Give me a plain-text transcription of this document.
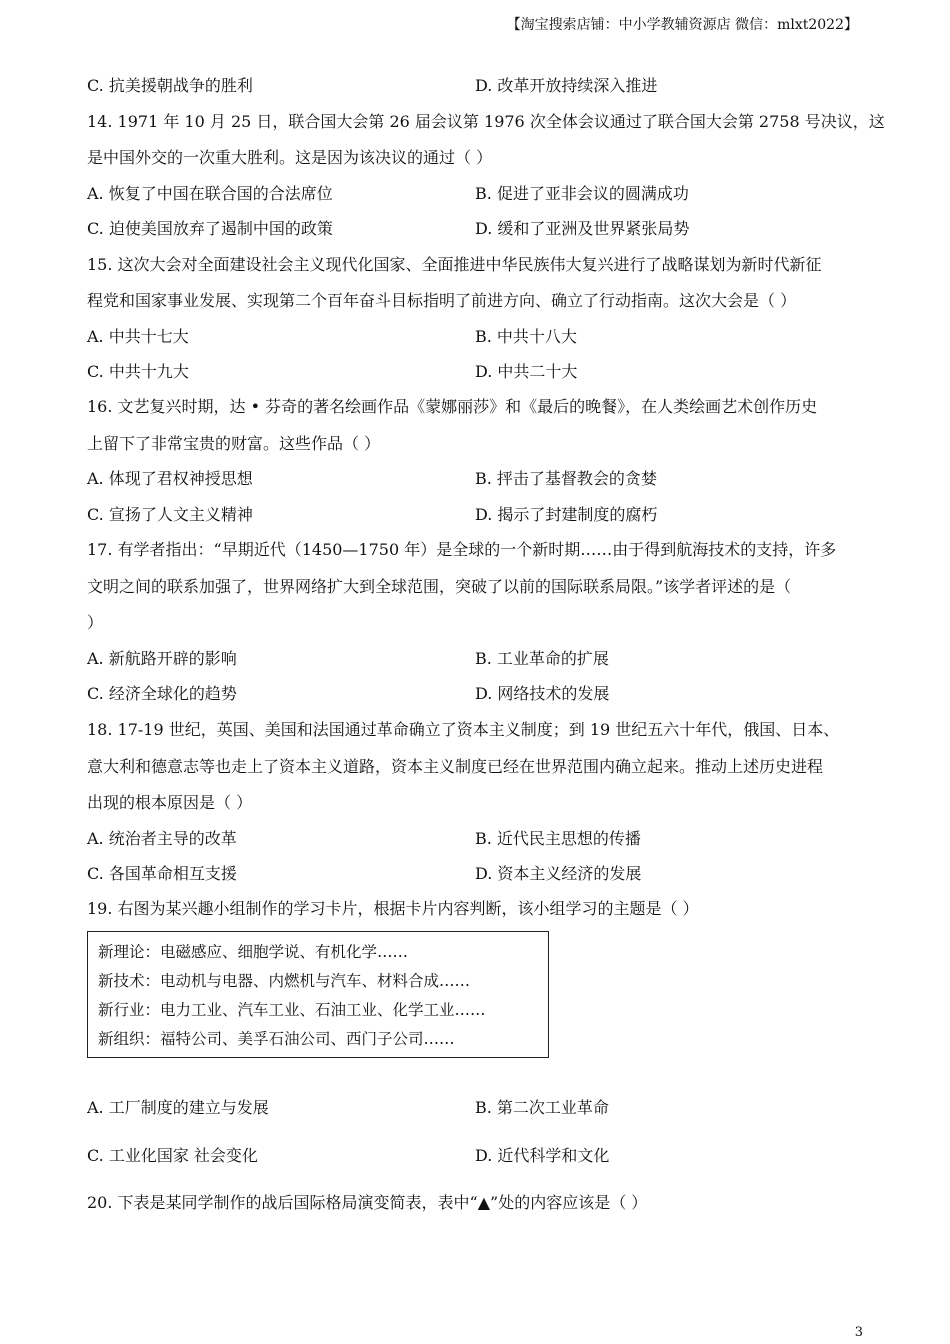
【淘宝搜索店铺：中小学教辅资源店 微信：mlxt2022】
C. 抗美援朝战争的胜利	D. 改革开放持续深入推进
14. 1971 年 10 月 25 日，联合国大会第 26 届会议第 1976 次全体会议通过了联合国大会第 2758 号决议，这
是中国外交的一次重大胜利。这是因为该决议的通过（ ）
A. 恢复了中国在联合国的合法席位	B. 促进了亚非会议的圆满成功
C. 迫使美国放弃了遏制中国的政策	D. 缓和了亚洲及世界紧张局势
15. 这次大会对全面建设社会主义现代化国家、全面推进中华民族伟大复兴进行了战略谋划为新时代新征
程党和国家事业发展、实现第二个百年奋斗目标指明了前进方向、确立了行动指南。这次大会是（ ）
A. 中共十七大	B. 中共十八大
C. 中共十九大	D. 中共二十大
16. 文艺复兴时期，达 • 芬奇的著名绘画作品《蒙娜丽莎》和《最后的晚餐》，在人类绘画艺术创作历史
上留下了非常宝贵的财富。这些作品（ ）
A. 体现了君权神授思想	B. 抨击了基督教会的贪婪
C. 宣扬了人文主义精神	D. 揭示了封建制度的腐朽
17. 有学者指出：“早期近代（1450—1750 年）是全球的一个新时期……由于得到航海技术的支持，许多
文明之间的联系加强了，世界网络扩大到全球范围，突破了以前的国际联系局限。”该学者评述的是（
）
A. 新航路开辟的影响	B. 工业革命的扩展
C. 经济全球化的趋势	D. 网络技术的发展
18. 17-19 世纪，英国、美国和法国通过革命确立了资本主义制度；到 19 世纪五六十年代，俄国、日本、
意大利和德意志等也走上了资本主义道路，资本主义制度已经在世界范围内确立起来。推动上述历史进程
出现的根本原因是（ ）
A. 统治者主导的改革	B. 近代民主思想的传播
C. 各国革命相互支援	D. 资本主义经济的发展
19. 右图为某兴趣小组制作的学习卡片，根据卡片内容判断，该小组学习的主题是（ ）
新理论：电磁感应、细胞学说、有机化学……
新技术：电动机与电器、内燃机与汽车、材料合成……
新行业：电力工业、汽车工业、石油工业、化学工业……
新组织：福特公司、美孚石油公司、西门子公司……
A. 工厂制度的建立与发展	B. 第二次工业革命
C. 工业化国家 社会变化	D. 近代科学和文化
20. 下表是某同学制作的战后国际格局演变简表，表中“▲”处的内容应该是（ ）
3
